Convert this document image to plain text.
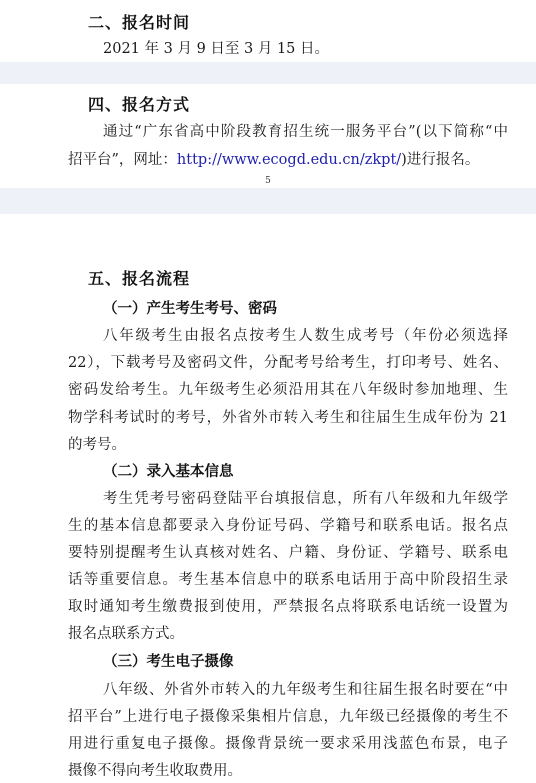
二、报名时间
2021 年 3 月 9 日至 3 月 15 日。
四、报名方式
通过“广东省高中阶段教育招生统一服务平台”(以下简称“中
招平台”，网址：http://www.ecogd.edu.cn/zkpt/)进行报名。
5
五、报名流程
（一）产生考生考号、密码
八年级考生由报名点按考生人数生成考号（年份必须选择
22），下载考号及密码文件，分配考号给考生，打印考号、姓名、
密码发给考生。九年级考生必须沿用其在八年级时参加地理、生
物学科考试时的考号，外省外市转入考生和往届生生成年份为 21
的考号。
（二）录入基本信息
考生凭考号密码登陆平台填报信息，所有八年级和九年级学
生的基本信息都要录入身份证号码、学籍号和联系电话。报名点
要特别提醒考生认真核对姓名、户籍、身份证、学籍号、联系电
话等重要信息。考生基本信息中的联系电话用于高中阶段招生录
取时通知考生缴费报到使用，严禁报名点将联系电话统一设置为
报名点联系方式。
（三）考生电子摄像
八年级、外省外市转入的九年级考生和往届生报名时要在“中
招平台”上进行电子摄像采集相片信息，九年级已经摄像的考生不
用进行重复电子摄像。摄像背景统一要求采用浅蓝色布景，电子
摄像不得向考生收取费用。
